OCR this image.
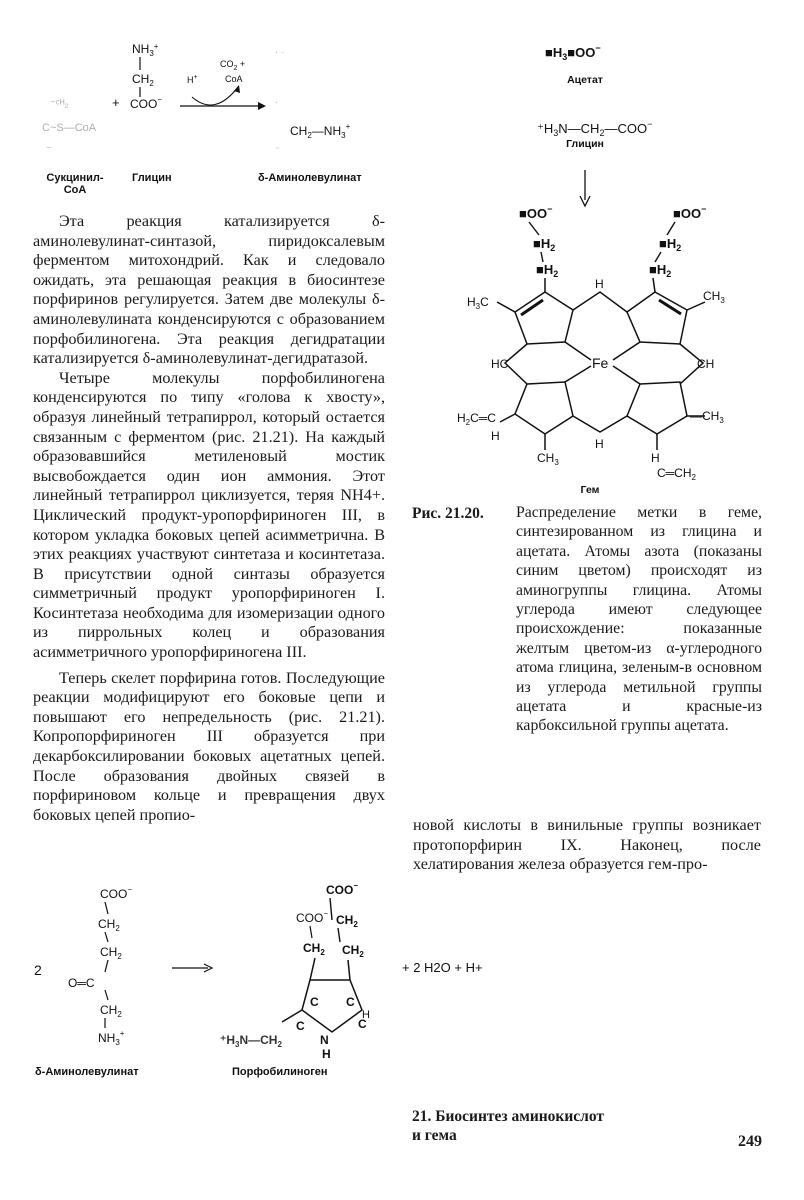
⁻ᶜᴴ₂
C~S—CoA
⁻
$NH_3^+$
$CH_2$
+ COO−
H+
$CO_2$ +
CoA
· ·
·
⁻
$CH_2—NH_3^+$
Сукцинил-
CoA
Глицин	δ-Аминолевулинат

Эта реакция катализируется δ-аминолевулинат-синтазой, пиридоксалевым ферментом митохондрий. Как и следовало ожидать, эта решающая реакция в биосинтезе порфиринов регулируется. Затем две молекулы δ-аминолевулината конденсируются с образованием порфобилиногена. Эта реакция дегидратации катализируется δ-аминолевулинат-дегидратазой.

Четыре молекулы порфобилиногена конденсируются по типу «голова к хвосту», образуя линейный тетрапиррол, который остается связанным с ферментом (рис. 21.21). На каждый образовавшийся метиленовый мостик высвобождается один ион аммония. Этот линейный тетрапиррол циклизуется, теряя NH4+. Циклический продукт-уропорфириноген III, в котором укладка боковых цепей асимметрична. В этих реакциях участвуют синтетаза и косинтетаза. В присутствии одной синтазы образуется симметричный продукт уропорфириноген I. Косинтетаза необходима для изомеризации одного из пиррольных колец и образования асимметричного уропорфириногена III.

Теперь скелет порфирина готов. Последующие реакции модифицируют его боковые цепи и повышают его непредельность (рис. 21.21). Копропорфириноген III образуется при декарбоксилировании боковых ацетатных цепей. После образования двойных связей в порфириновом кольце и превращения двух боковых цепей пропио-

$■H_3■OO^-$
$^+H_3N—CH_2—COO^-$
■OO−
$■H_2$
$■H_2$
■OO−
$■H_2$
$■H_2$
Fe
H
HC	CH
H
$H_3C$	$CH_3$
$—CH_3$
$CH_3$
$H_2C═C$
H
H
$C═CH_2$
Ацетат
Глицин
Гем
Рис. 21.20. Распределение метки в геме, синтезированном из глицина и ацетата. Атомы азота (показаны синим цветом) происходят из аминогруппы глицина. Атомы углерода имеют следующее происхождение: показанные желтым цветом-из α-углеродного атома глицина, зеленым-в основном из углерода метильной группы ацетата и красные-из карбоксильной группы ацетата.

новой кислоты в винильные группы возникает протопорфирин IX. Наконец, после хелатирования железа образуется гем-про-

2
COO−
$CH_2$
$CH_2$
O═C
$CH_2$
$NH_3^+$
COO−
COO− $CH_2$
$CH_2$ $CH_2$
C C
C	C
N
H
H
$^+H_3N—CH_2$
+ 2 H2O + H+
δ-Аминолевулинат	Порфобилиноген
21. Биосинтез аминокислот
и гема	249
